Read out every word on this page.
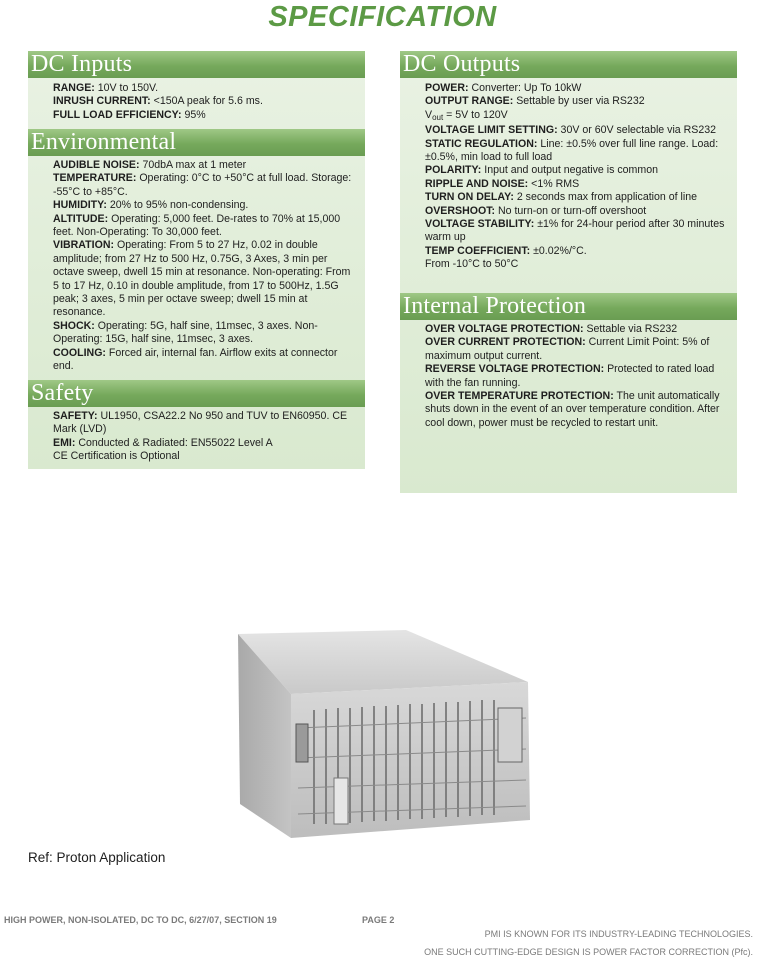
SPECIFICATION
DC Inputs

RANGE: 10V to 150V.

INRUSH CURRENT: <150A peak for 5.6 ms.

FULL LOAD EFFICIENCY: 95%

Environmental

AUDIBLE NOISE: 70dbA max at 1 meter

TEMPERATURE: Operating: 0°C to +50°C at full load. Storage: -55°C to +85°C.

HUMIDITY: 20% to 95% non-condensing.

ALTITUDE: Operating: 5,000 feet. De-rates to 70% at 15,000 feet. Non-Operating: To 30,000 feet.

VIBRATION: Operating: From 5 to 27 Hz, 0.02 in double amplitude; from 27 Hz to 500 Hz, 0.75G, 3 Axes, 3 min per octave sweep, dwell 15 min at resonance. Non-operating: From 5 to 17 Hz, 0.10 in double amplitude, from 17 to 500Hz, 1.5G peak; 3 axes, 5 min per octave sweep; dwell 15 min at resonance.

SHOCK: Operating: 5G, half sine, 11msec, 3 axes. Non-Operating: 15G, half sine, 11msec, 3 axes.

COOLING: Forced air, internal fan. Airflow exits at connector end.

Safety

SAFETY: UL1950, CSA22.2 No 950 and TUV to EN60950. CE Mark (LVD)

EMI: Conducted & Radiated: EN55022 Level A

CE Certification is Optional

DC Outputs

POWER: Converter: Up To 10kW

OUTPUT RANGE: Settable by user via RS232

$V_{out} = 5V$ to 120V

VOLTAGE LIMIT SETTING: 30V or 60V selectable via RS232

STATIC REGULATION: Line: ±0.5% over full line range. Load: ±0.5%, min load to full load

POLARITY: Input and output negative is common

RIPPLE AND NOISE: <1% RMS

TURN ON DELAY: 2 seconds max from application of line

OVERSHOOT: No turn-on or turn-off overshoot

VOLTAGE STABILITY: ±1% for 24-hour period after 30 minutes warm up

TEMP COEFFICIENT: ±0.02%/°C.

From -10°C to 50°C

Internal Protection

OVER VOLTAGE PROTECTION: Settable via RS232

OVER CURRENT PROTECTION: Current Limit Point: 5% of maximum output current.

REVERSE VOLTAGE PROTECTION: Protected to rated load with the fan running.

OVER TEMPERATURE PROTECTION: The unit automatically shuts down in the event of an over temperature condition. After cool down, power must be recycled to restart unit.

Ref: Proton Application
HIGH POWER, NON-ISOLATED, DC TO DC, 6/27/07, SECTION 19	PAGE 2
PMI IS KNOWN FOR ITS INDUSTRY-LEADING TECHNOLOGIES.
ONE SUCH CUTTING-EDGE DESIGN IS POWER FACTOR CORRECTION (Pfc).
